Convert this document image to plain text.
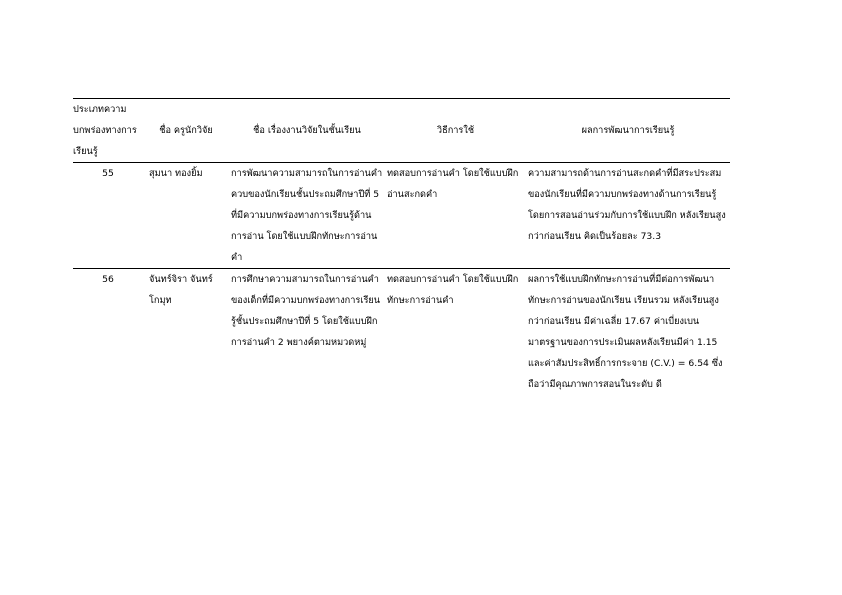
ประเภทความบกพร่องทางการเรียนรู้	ชื่อ ครูนักวิจัย	ชื่อ เรื่องงานวิจัยในชั้นเรียน	วิธีการใช้	ผลการพัฒนาการเรียนรู้
55	สุมนา ทองยิ้ม	การพัฒนาความสามารถในการอ่านคำควบของนักเรียนชั้นประถมศึกษาปีที่ 5 ที่มีความบกพร่องทางการเรียนรู้ด้านการอ่าน โดยใช้แบบฝึกทักษะการอ่านคำ	ทดสอบการอ่านคำ โดยใช้แบบฝึกอ่านสะกดคำ	ความสามารถด้านการอ่านสะกดคำที่มีสระประสมของนักเรียนที่มีความบกพร่องทางด้านการเรียนรู้โดยการสอนอ่านร่วมกับการใช้แบบฝึก หลังเรียนสูงกว่าก่อนเรียน คิดเป็นร้อยละ 73.3
56	จันทร์จิรา จันทร์โกมุท	การศึกษาความสามารถในการอ่านคำของเด็กที่มีความบกพร่องทางการเรียนรู้ชั้นประถมศึกษาปีที่ 5 โดยใช้แบบฝึกการอ่านคำ 2 พยางค์ตามหมวดหมู่	ทดสอบการอ่านคำ โดยใช้แบบฝึกทักษะการอ่านคำ	ผลการใช้แบบฝึกทักษะการอ่านที่มีต่อการพัฒนาทักษะการอ่านของนักเรียน เรียนรวม หลังเรียนสูงกว่าก่อนเรียน มีค่าเฉลี่ย 17.67 ค่าเบี่ยงเบนมาตรฐานของการประเมินผลหลังเรียนมีค่า 1.15 และค่าสัมประสิทธิ์การกระจาย (C.V.) = 6.54 ซึ่งถือว่ามีคุณภาพการสอนในระดับ ดี
